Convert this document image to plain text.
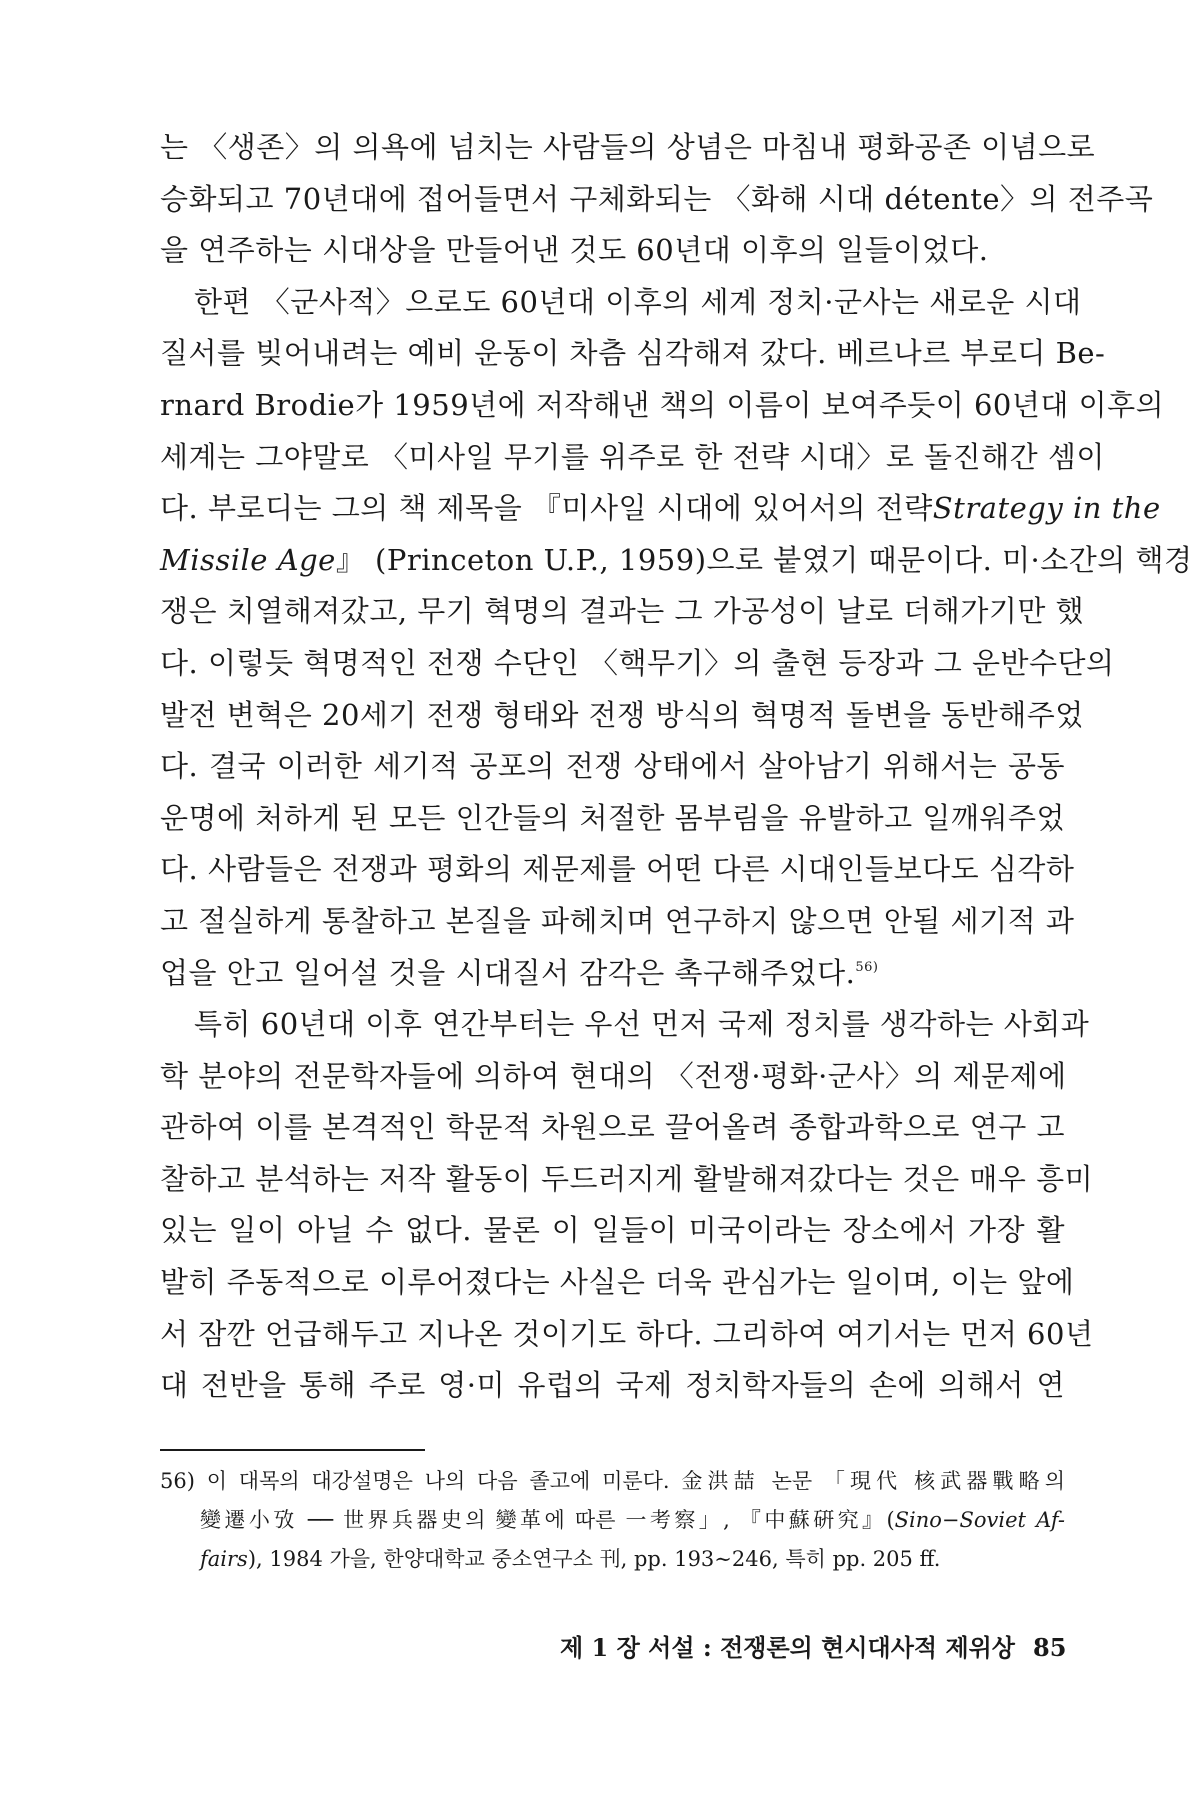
는 〈생존〉의 의욕에 넘치는 사람들의 상념은 마침내 평화공존 이념으로
승화되고 70년대에 접어들면서 구체화되는 〈화해 시대 détente〉의 전주곡
을 연주하는 시대상을 만들어낸 것도 60년대 이후의 일들이었다.
한편 〈군사적〉으로도 60년대 이후의 세계 정치·군사는 새로운 시대
질서를 빚어내려는 예비 운동이 차츰 심각해져 갔다. 베르나르 부로디 Be-
rnard Brodie가 1959년에 저작해낸 책의 이름이 보여주듯이 60년대 이후의
세계는 그야말로 〈미사일 무기를 위주로 한 전략 시대〉로 돌진해간 셈이
다. 부로디는 그의 책 제목을 『미사일 시대에 있어서의 전략Strategy in the
Missile Age』 (Princeton U.P., 1959)으로 붙였기 때문이다. 미·소간의 핵경
쟁은 치열해져갔고, 무기 혁명의 결과는 그 가공성이 날로 더해가기만 했
다. 이렇듯 혁명적인 전쟁 수단인 〈핵무기〉의 출현 등장과 그 운반수단의
발전 변혁은 20세기 전쟁 형태와 전쟁 방식의 혁명적 돌변을 동반해주었
다. 결국 이러한 세기적 공포의 전쟁 상태에서 살아남기 위해서는 공동
운명에 처하게 된 모든 인간들의 처절한 몸부림을 유발하고 일깨워주었
다. 사람들은 전쟁과 평화의 제문제를 어떤 다른 시대인들보다도 심각하
고 절실하게 통찰하고 본질을 파헤치며 연구하지 않으면 안될 세기적 과
업을 안고 일어설 것을 시대질서 감각은 촉구해주었다.$^{56)}$
특히 60년대 이후 연간부터는 우선 먼저 국제 정치를 생각하는 사회과
학 분야의 전문학자들에 의하여 현대의 〈전쟁·평화·군사〉의 제문제에
관하여 이를 본격적인 학문적 차원으로 끌어올려 종합과학으로 연구 고
찰하고 분석하는 저작 활동이 두드러지게 활발해져갔다는 것은 매우 흥미
있는 일이 아닐 수 없다. 물론 이 일들이 미국이라는 장소에서 가장 활
발히 주동적으로 이루어졌다는 사실은 더욱 관심가는 일이며, 이는 앞에
서 잠깐 언급해두고 지나온 것이기도 하다. 그리하여 여기서는 먼저 60년
대 전반을 통해 주로 영·미 유럽의 국제 정치학자들의 손에 의해서 연
56) 이 대목의 대강설명은 나의 다음 졸고에 미룬다. 金洪喆 논문 「現代 核武器戰略의
變遷小攷 ── 世界兵器史의 變革에 따른 一考察」, 『中蘇硏究』(Sino−Soviet Af-
fairs), 1984 가을, 한양대학교 중소연구소 刊, pp. 193∼246, 특히 pp. 205 ff.
제 1 장 서설 : 전쟁론의 현시대사적 제위상 85
